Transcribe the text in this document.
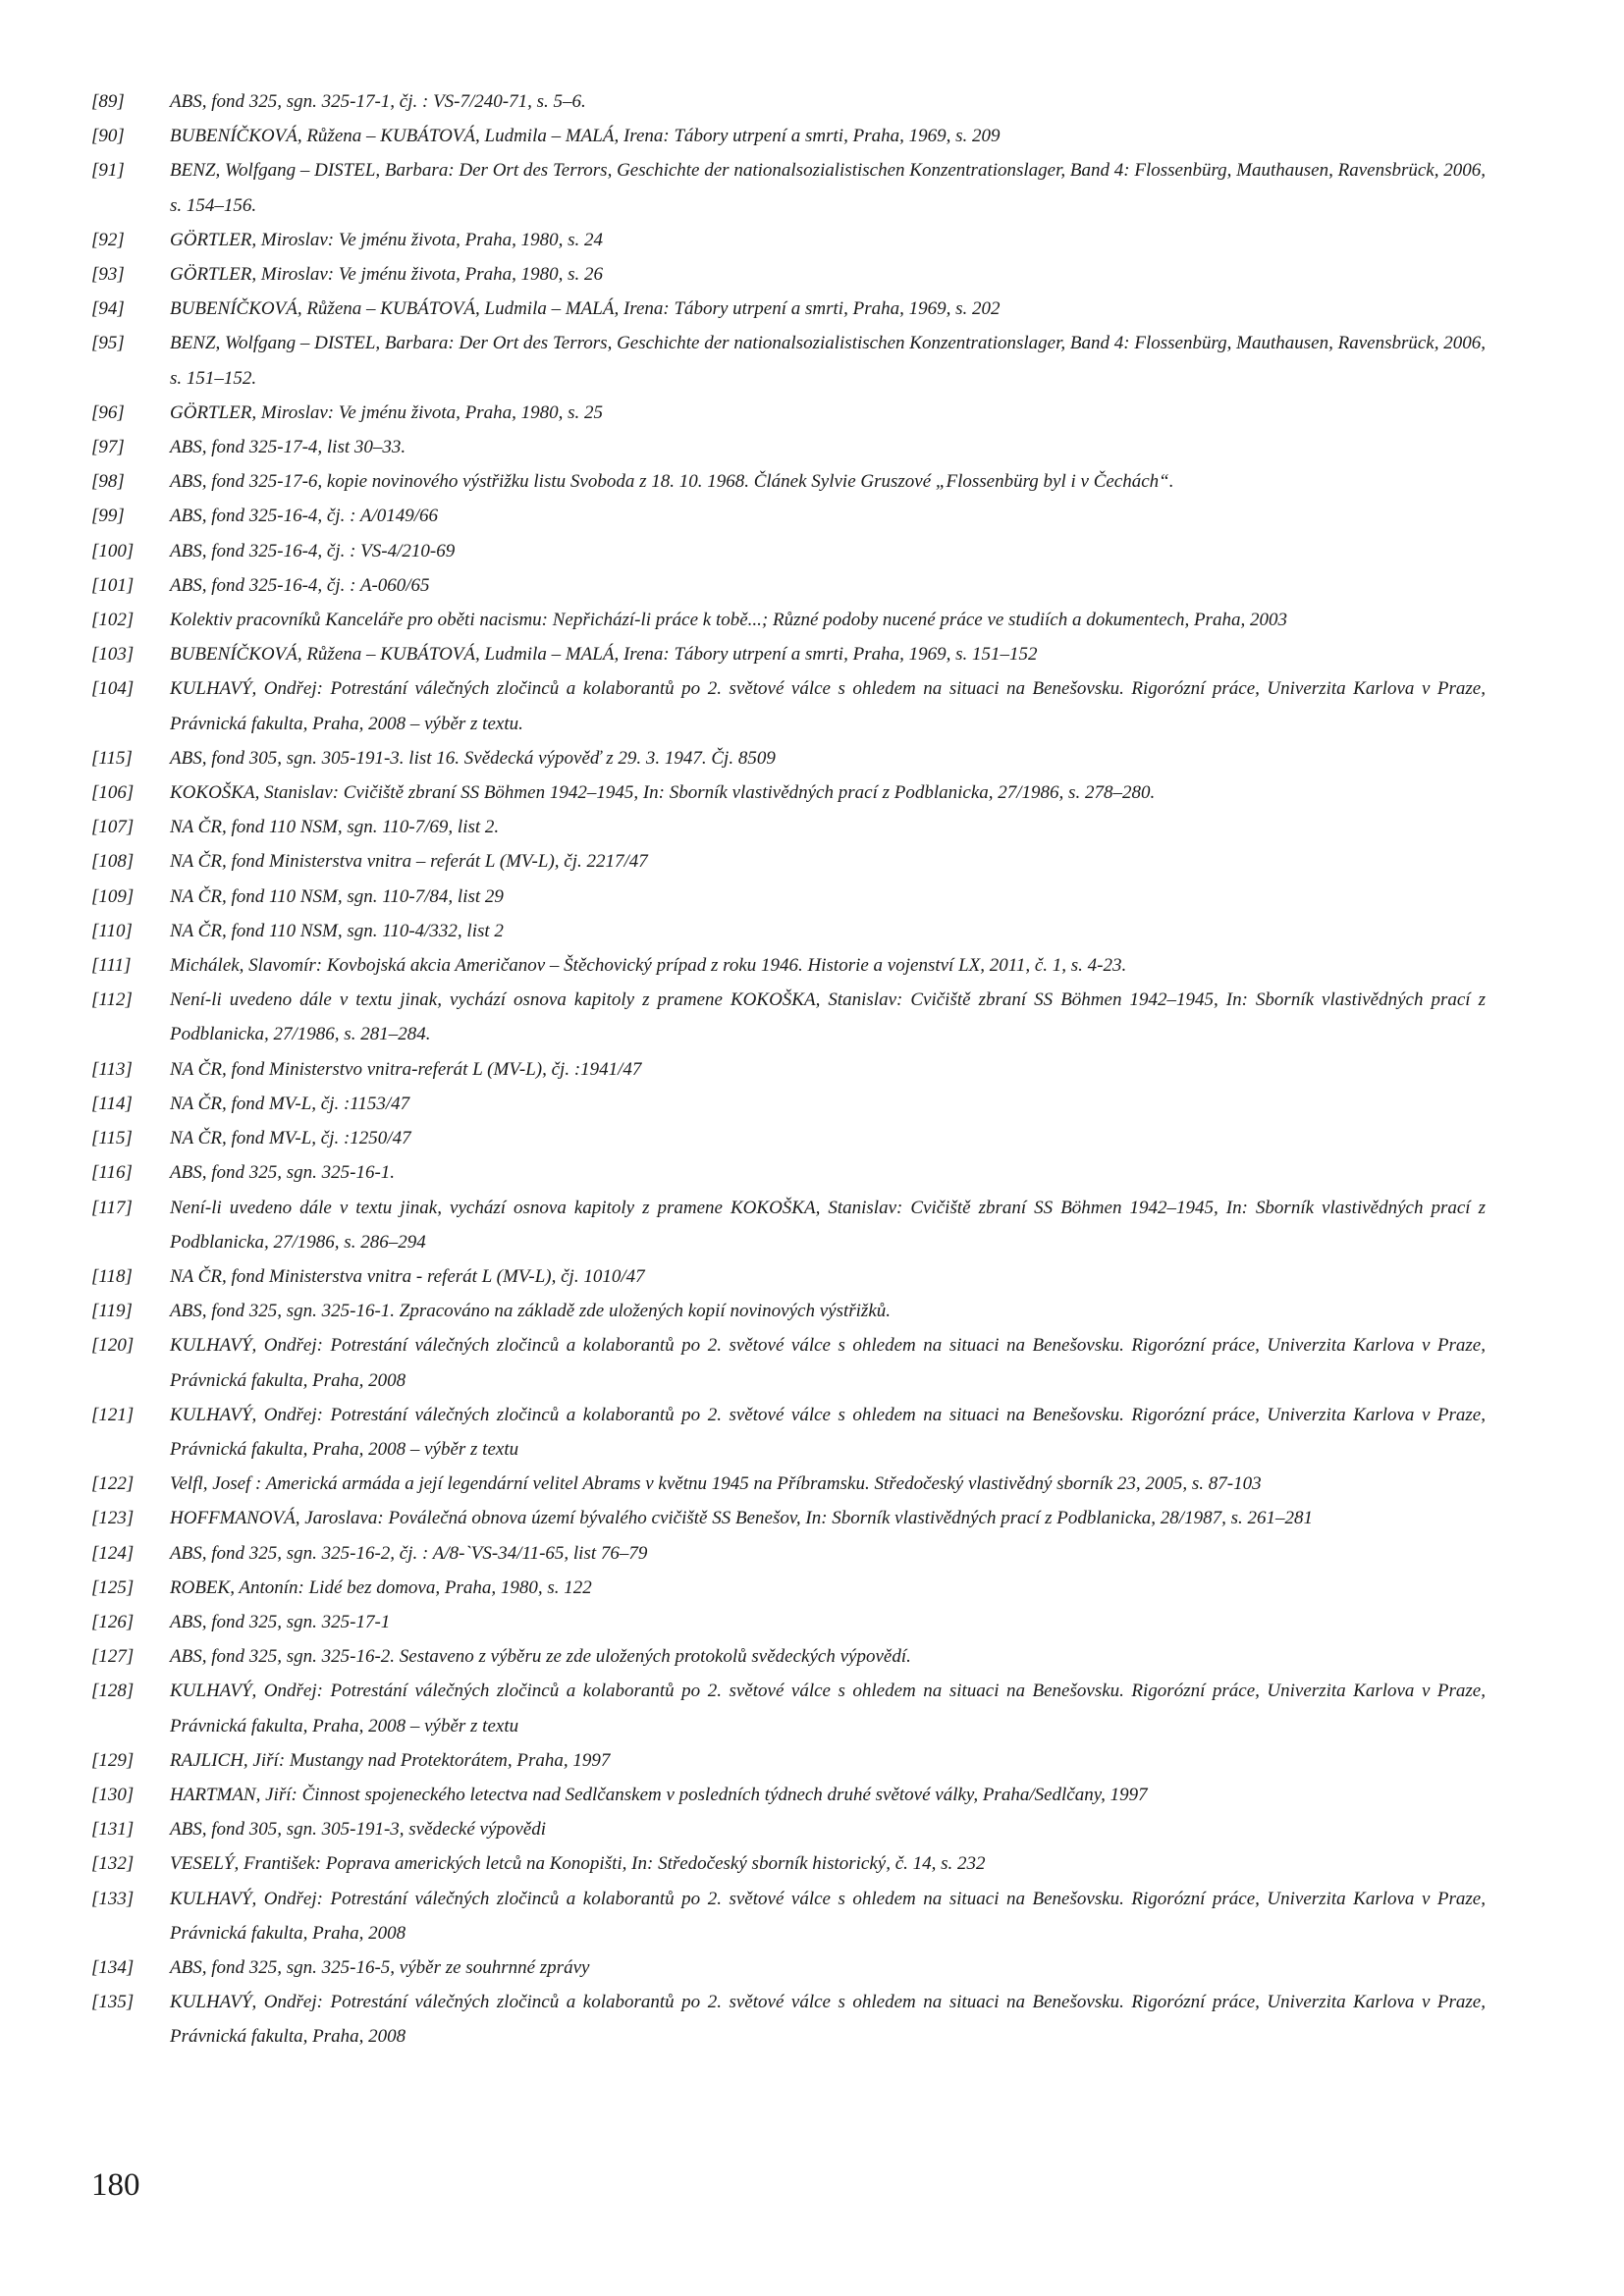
[89]	ABS, fond 325, sgn. 325-17-1, čj. : VS-7/240-71, s. 5–6.
[90]	BUBENÍČKOVÁ, Růžena – KUBÁTOVÁ, Ludmila – MALÁ, Irena: Tábory utrpení a smrti, Praha, 1969, s. 209
[91]	BENZ, Wolfgang – DISTEL, Barbara: Der Ort des Terrors, Geschichte der nationalsozialistischen Konzentrationslager, Band 4: Flossenbürg, Mauthausen, Ravensbrück, 2006, s. 154–156.
[92]	GÖRTLER, Miroslav: Ve jménu života, Praha, 1980, s. 24
[93]	GÖRTLER, Miroslav: Ve jménu života, Praha, 1980, s. 26
[94]	BUBENÍČKOVÁ, Růžena – KUBÁTOVÁ, Ludmila – MALÁ, Irena: Tábory utrpení a smrti, Praha, 1969, s. 202
[95]	BENZ, Wolfgang – DISTEL, Barbara: Der Ort des Terrors, Geschichte der nationalsozialistischen Konzentrationslager, Band 4: Flossenbürg, Mauthausen, Ravensbrück, 2006, s. 151–152.
[96]	GÖRTLER, Miroslav: Ve jménu života, Praha, 1980, s. 25
[97]	ABS, fond 325-17-4, list 30–33.
[98]	ABS, fond 325-17-6, kopie novinového výstřižku listu Svoboda z 18. 10. 1968. Článek Sylvie Gruszové „Flossenbürg byl i v Čechách“.
[99]	ABS, fond 325-16-4, čj. : A/0149/66
[100]	ABS, fond 325-16-4, čj. : VS-4/210-69
[101]	ABS, fond 325-16-4, čj. : A-060/65
[102]	Kolektiv pracovníků Kanceláře pro oběti nacismu: Nepřichází-li práce k tobě...; Různé podoby nucené práce ve studiích a dokumentech, Praha, 2003
[103]	BUBENÍČKOVÁ, Růžena – KUBÁTOVÁ, Ludmila – MALÁ, Irena: Tábory utrpení a smrti, Praha, 1969, s. 151–152
[104]	KULHAVÝ, Ondřej: Potrestání válečných zločinců a kolaborantů po 2. světové válce s ohledem na situaci na Benešovsku. Rigorózní práce, Univerzita Karlova v Praze, Právnická fakulta, Praha, 2008 – výběr z textu.
[115]	ABS, fond 305, sgn. 305-191-3. list 16. Svědecká výpověď z 29. 3. 1947. Čj. 8509
[106]	KOKOŠKA, Stanislav: Cvičiště zbraní SS Böhmen 1942–1945, In: Sborník vlastivědných prací z Podblanicka, 27/1986, s. 278–280.
[107]	NA ČR, fond 110 NSM, sgn. 110-7/69, list 2.
[108]	NA ČR, fond Ministerstva vnitra – referát L (MV-L), čj. 2217/47
[109]	NA ČR, fond 110 NSM, sgn. 110-7/84, list 29
[110]	NA ČR, fond 110 NSM, sgn. 110-4/332, list 2
[111]	Michálek, Slavomír: Kovbojská akcia Američanov – Štěchovický prípad z roku 1946. Historie a vojenství LX, 2011, č. 1, s. 4-23.
[112]	Není-li uvedeno dále v textu jinak, vychází osnova kapitoly z pramene KOKOŠKA, Stanislav: Cvičiště zbraní SS Böhmen 1942–1945, In: Sborník vlastivědných prací z Podblanicka, 27/1986, s. 281–284.
[113]	NA ČR, fond Ministerstvo vnitra-referát L (MV-L), čj. :1941/47
[114]	NA ČR, fond MV-L, čj. :1153/47
[115]	NA ČR, fond MV-L, čj. :1250/47
[116]	ABS, fond 325, sgn. 325-16-1.
[117]	Není-li uvedeno dále v textu jinak, vychází osnova kapitoly z pramene KOKOŠKA, Stanislav: Cvičiště zbraní SS Böhmen 1942–1945, In: Sborník vlastivědných prací z Podblanicka, 27/1986, s. 286–294
[118]	NA ČR, fond Ministerstva vnitra - referát L (MV-L), čj. 1010/47
[119]	ABS, fond 325, sgn. 325-16-1. Zpracováno na základě zde uložených kopií novinových výstřižků.
[120]	KULHAVÝ, Ondřej: Potrestání válečných zločinců a kolaborantů po 2. světové válce s ohledem na situaci na Benešovsku. Rigorózní práce, Univerzita Karlova v Praze, Právnická fakulta, Praha, 2008
[121]	KULHAVÝ, Ondřej: Potrestání válečných zločinců a kolaborantů po 2. světové válce s ohledem na situaci na Benešovsku. Rigorózní práce, Univerzita Karlova v Praze, Právnická fakulta, Praha, 2008 – výběr z textu
[122]	Velfl, Josef : Americká armáda a její legendární velitel Abrams v květnu 1945 na Příbramsku. Středočeský vlastivědný sborník 23, 2005, s. 87-103
[123]	HOFFMANOVÁ, Jaroslava: Poválečná obnova území bývalého cvičiště SS Benešov, In: Sborník vlastivědných prací z Podblanicka, 28/1987, s. 261–281
[124]	ABS, fond 325, sgn. 325-16-2, čj. : A/8-`VS-34/11-65, list 76–79
[125]	ROBEK, Antonín: Lidé bez domova, Praha, 1980, s. 122
[126]	ABS, fond 325, sgn. 325-17-1
[127]	ABS, fond 325, sgn. 325-16-2. Sestaveno z výběru ze zde uložených protokolů svědeckých výpovědí.
[128]	KULHAVÝ, Ondřej: Potrestání válečných zločinců a kolaborantů po 2. světové válce s ohledem na situaci na Benešovsku. Rigorózní práce, Univerzita Karlova v Praze, Právnická fakulta, Praha, 2008 – výběr z textu
[129]	RAJLICH, Jiří: Mustangy nad Protektorátem, Praha, 1997
[130]	HARTMAN, Jiří: Činnost spojeneckého letectva nad Sedlčanskem v posledních týdnech druhé světové války, Praha/Sedlčany, 1997
[131]	ABS, fond 305, sgn. 305-191-3, svědecké výpovědi
[132]	VESELÝ, František: Poprava amerických letců na Konopišti, In: Středočeský sborník historický, č. 14, s. 232
[133]	KULHAVÝ, Ondřej: Potrestání válečných zločinců a kolaborantů po 2. světové válce s ohledem na situaci na Benešovsku. Rigorózní práce, Univerzita Karlova v Praze, Právnická fakulta, Praha, 2008
[134]	ABS, fond 325, sgn. 325-16-5, výběr ze souhrnné zprávy
[135]	KULHAVÝ, Ondřej: Potrestání válečných zločinců a kolaborantů po 2. světové válce s ohledem na situaci na Benešovsku. Rigorózní práce, Univerzita Karlova v Praze, Právnická fakulta, Praha, 2008
180
